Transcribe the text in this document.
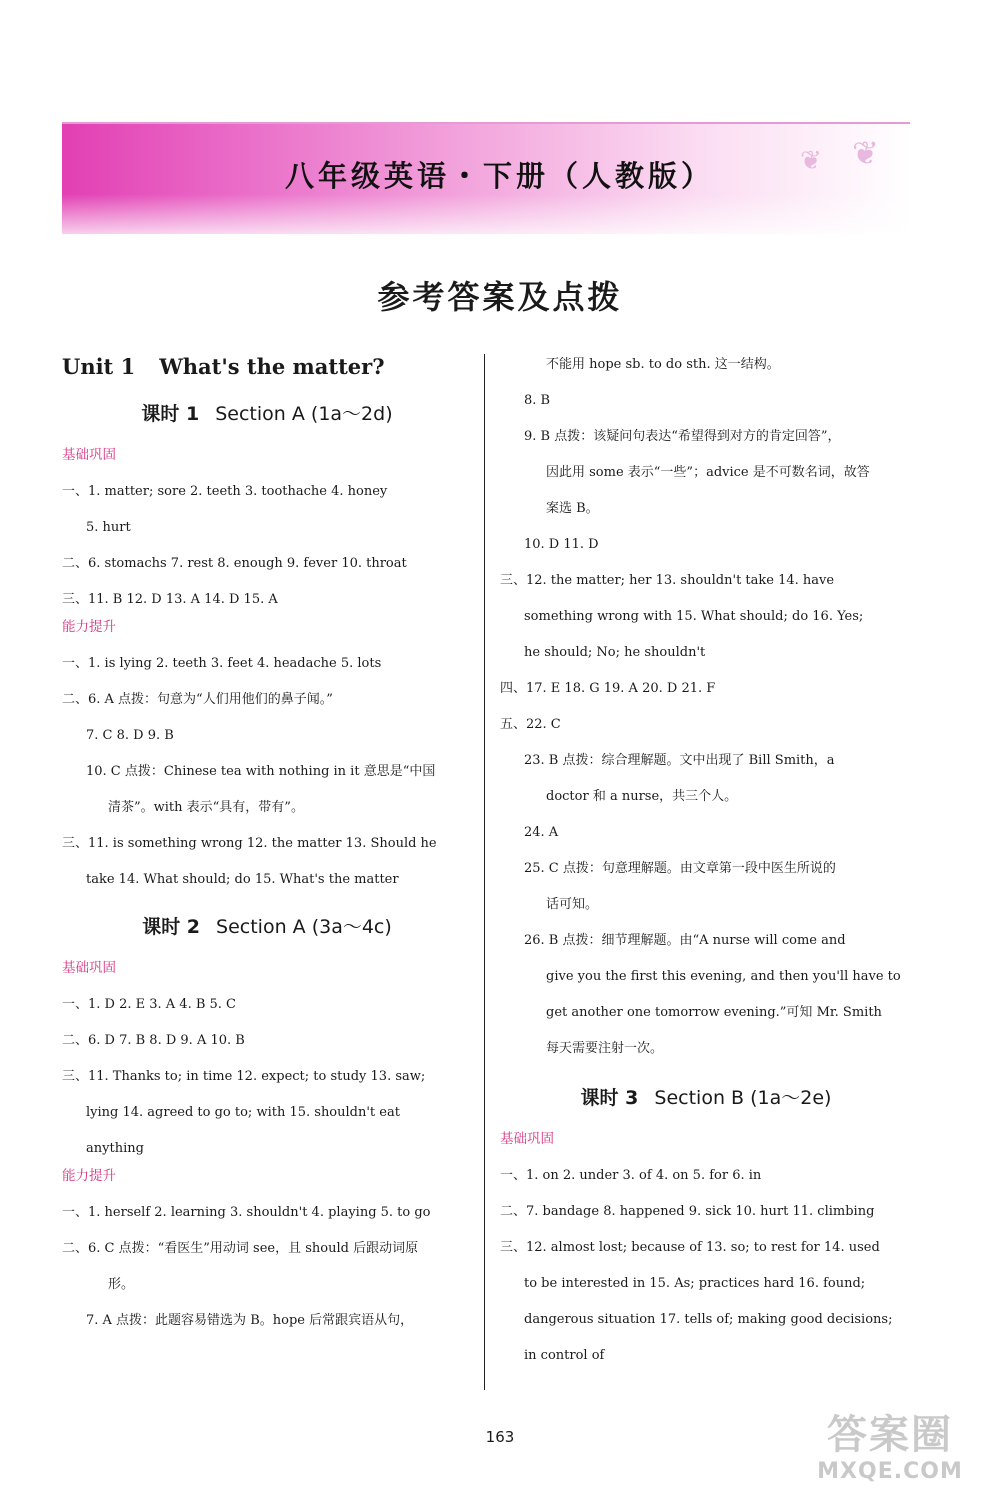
❦ ❦
八年级英语・下册（人教版）
参考答案及点拨
Unit 1 What's the matter?
课时 1 Section A (1a～2d)
基础巩固
一、1. matter; sore 2. teeth 3. toothache 4. honey
5. hurt
二、6. stomachs 7. rest 8. enough 9. fever 10. throat
三、11. B 12. D 13. A 14. D 15. A
能力提升
一、1. is lying 2. teeth 3. feet 4. headache 5. lots
二、6. A 点拨：句意为“人们用他们的鼻子闻。”
7. C 8. D 9. B
10. C 点拨：Chinese tea with nothing in it 意思是“中国
清茶”。with 表示“具有，带有”。
三、11. is something wrong 12. the matter 13. Should he
take 14. What should; do 15. What's the matter
课时 2 Section A (3a～4c)
基础巩固
一、1. D 2. E 3. A 4. B 5. C
二、6. D 7. B 8. D 9. A 10. B
三、11. Thanks to; in time 12. expect; to study 13. saw;
lying 14. agreed to go to; with 15. shouldn't eat
anything
能力提升
一、1. herself 2. learning 3. shouldn't 4. playing 5. to go
二、6. C 点拨：“看医生”用动词 see，且 should 后跟动词原
形。
7. A 点拨：此题容易错选为 B。hope 后常跟宾语从句，
不能用 hope sb. to do sth. 这一结构。
8. B
9. B 点拨：该疑问句表达“希望得到对方的肯定回答”，
因此用 some 表示“一些”；advice 是不可数名词，故答
案选 B。
10. D 11. D
三、12. the matter; her 13. shouldn't take 14. have
something wrong with 15. What should; do 16. Yes;
he should; No; he shouldn't
四、17. E 18. G 19. A 20. D 21. F
五、22. C
23. B 点拨：综合理解题。文中出现了 Bill Smith，a
doctor 和 a nurse，共三个人。
24. A
25. C 点拨：句意理解题。由文章第一段中医生所说的
话可知。
26. B 点拨：细节理解题。由“A nurse will come and
give you the first this evening, and then you'll have to
get another one tomorrow evening.”可知 Mr. Smith
每天需要注射一次。
课时 3 Section B (1a～2e)
基础巩固
一、1. on 2. under 3. of 4. on 5. for 6. in
二、7. bandage 8. happened 9. sick 10. hurt 11. climbing
三、12. almost lost; because of 13. so; to rest for 14. used
to be interested in 15. As; practices hard 16. found;
dangerous situation 17. tells of; making good decisions;
in control of
163	答案圈
MXQE.COM
